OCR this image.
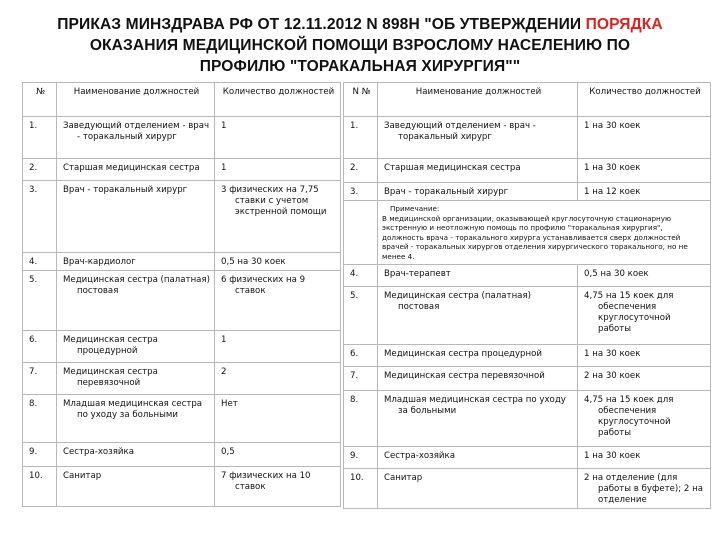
ПРИКАЗ МИНЗДРАВА РФ ОТ 12.11.2012 N 898Н "ОБ УТВЕРЖДЕНИИ ПОРЯДКА
ОКАЗАНИЯ МЕДИЦИНСКОЙ ПОМОЩИ ВЗРОСЛОМУ НАСЕЛЕНИЮ ПО
ПРОФИЛЮ "ТОРАКАЛЬНАЯ ХИРУРГИЯ""
№	Наименование должностей	Количество должностей
1.	Заведующий отделением - врач - торакальный хирург	1
2.	Старшая медицинская сестра	1
3.	Врач - торакальный хирург	3 физических на 7,75 ставки с учетом экстренной помощи
4.	Врач-кардиолог	0,5 на 30 коек
5.	Медицинская сестра (палатная) постовая	6 физических на 9 ставок
6.	Медицинская сестра процедурной	1
7.	Медицинская сестра перевязочной	2
8.	Младшая медицинская сестра по уходу за больными	Нет
9.	Сестра-хозяйка	0,5
10.	Санитар	7 физических на 10 ставок
N №	Наименование должностей	Количество должностей
1.	Заведующий отделением - врач - торакальный хирург	1 на 30 коек
2.	Старшая медицинская сестра	1 на 30 коек
3.	Врач - торакальный хирург	1 на 12 коек

	Примечание:
В медицинской организации, оказывающей круглосуточную стационарную экстренную и неотложную помощь по профилю "торакальная хирургия", должность врача - торакального хирурга устанавливается сверх должностей врачей - торакальных хирургов отделения хирургического торакального, но не менее 4.	

4.	Врач-терапевт	0,5 на 30 коек
5.	Медицинская сестра (палатная) постовая	4,75 на 15 коек для обеспечения круглосуточной работы
6.	Медицинская сестра процедурной	1 на 30 коек
7.	Медицинская сестра перевязочной	2 на 30 коек
8.	Младшая медицинская сестра по уходу за больными	4,75 на 15 коек для обеспечения круглосуточной работы
9.	Сестра-хозяйка	1 на 30 коек
10.	Санитар	2 на отделение (для работы в буфете); 2 на отделение
